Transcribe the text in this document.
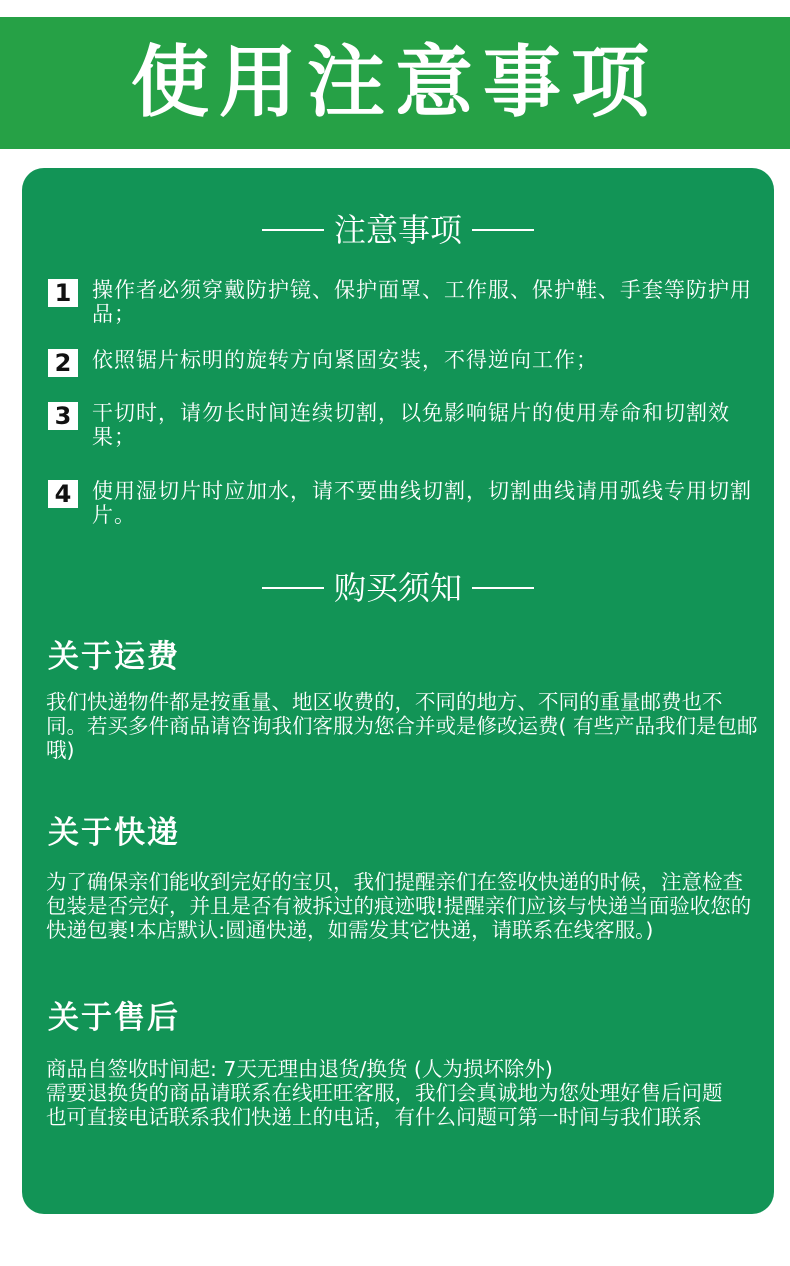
使用注意事项
注意事项
1 操作者必须穿戴防护镜、保护面罩、工作服、保护鞋、手套等防护用品；
2 依照锯片标明的旋转方向紧固安装，不得逆向工作；
3 干切时，请勿长时间连续切割，以免影响锯片的使用寿命和切割效果；
4 使用湿切片时应加水，请不要曲线切割，切割曲线请用弧线专用切割片。
购买须知
关于运费
我们快递物件都是按重量、地区收费的，不同的地方、不同的重量邮费也不同。若买多件商品请咨询我们客服为您合并或是修改运费( 有些产品我们是包邮哦)
关于快递
为了确保亲们能收到完好的宝贝，我们提醒亲们在签收快递的时候，注意检查包装是否完好，并且是否有被拆过的痕迹哦!提醒亲们应该与快递当面验收您的快递包裹!本店默认:圆通快递，如需发其它快递，请联系在线客服。)
关于售后

商品自签收时间起: 7天无理由退货/换货 (人为损坏除外)

需要退换货的商品请联系在线旺旺客服，我们会真诚地为您处理好售后问题

也可直接电话联系我们快递上的电话，有什么问题可第一时间与我们联系
